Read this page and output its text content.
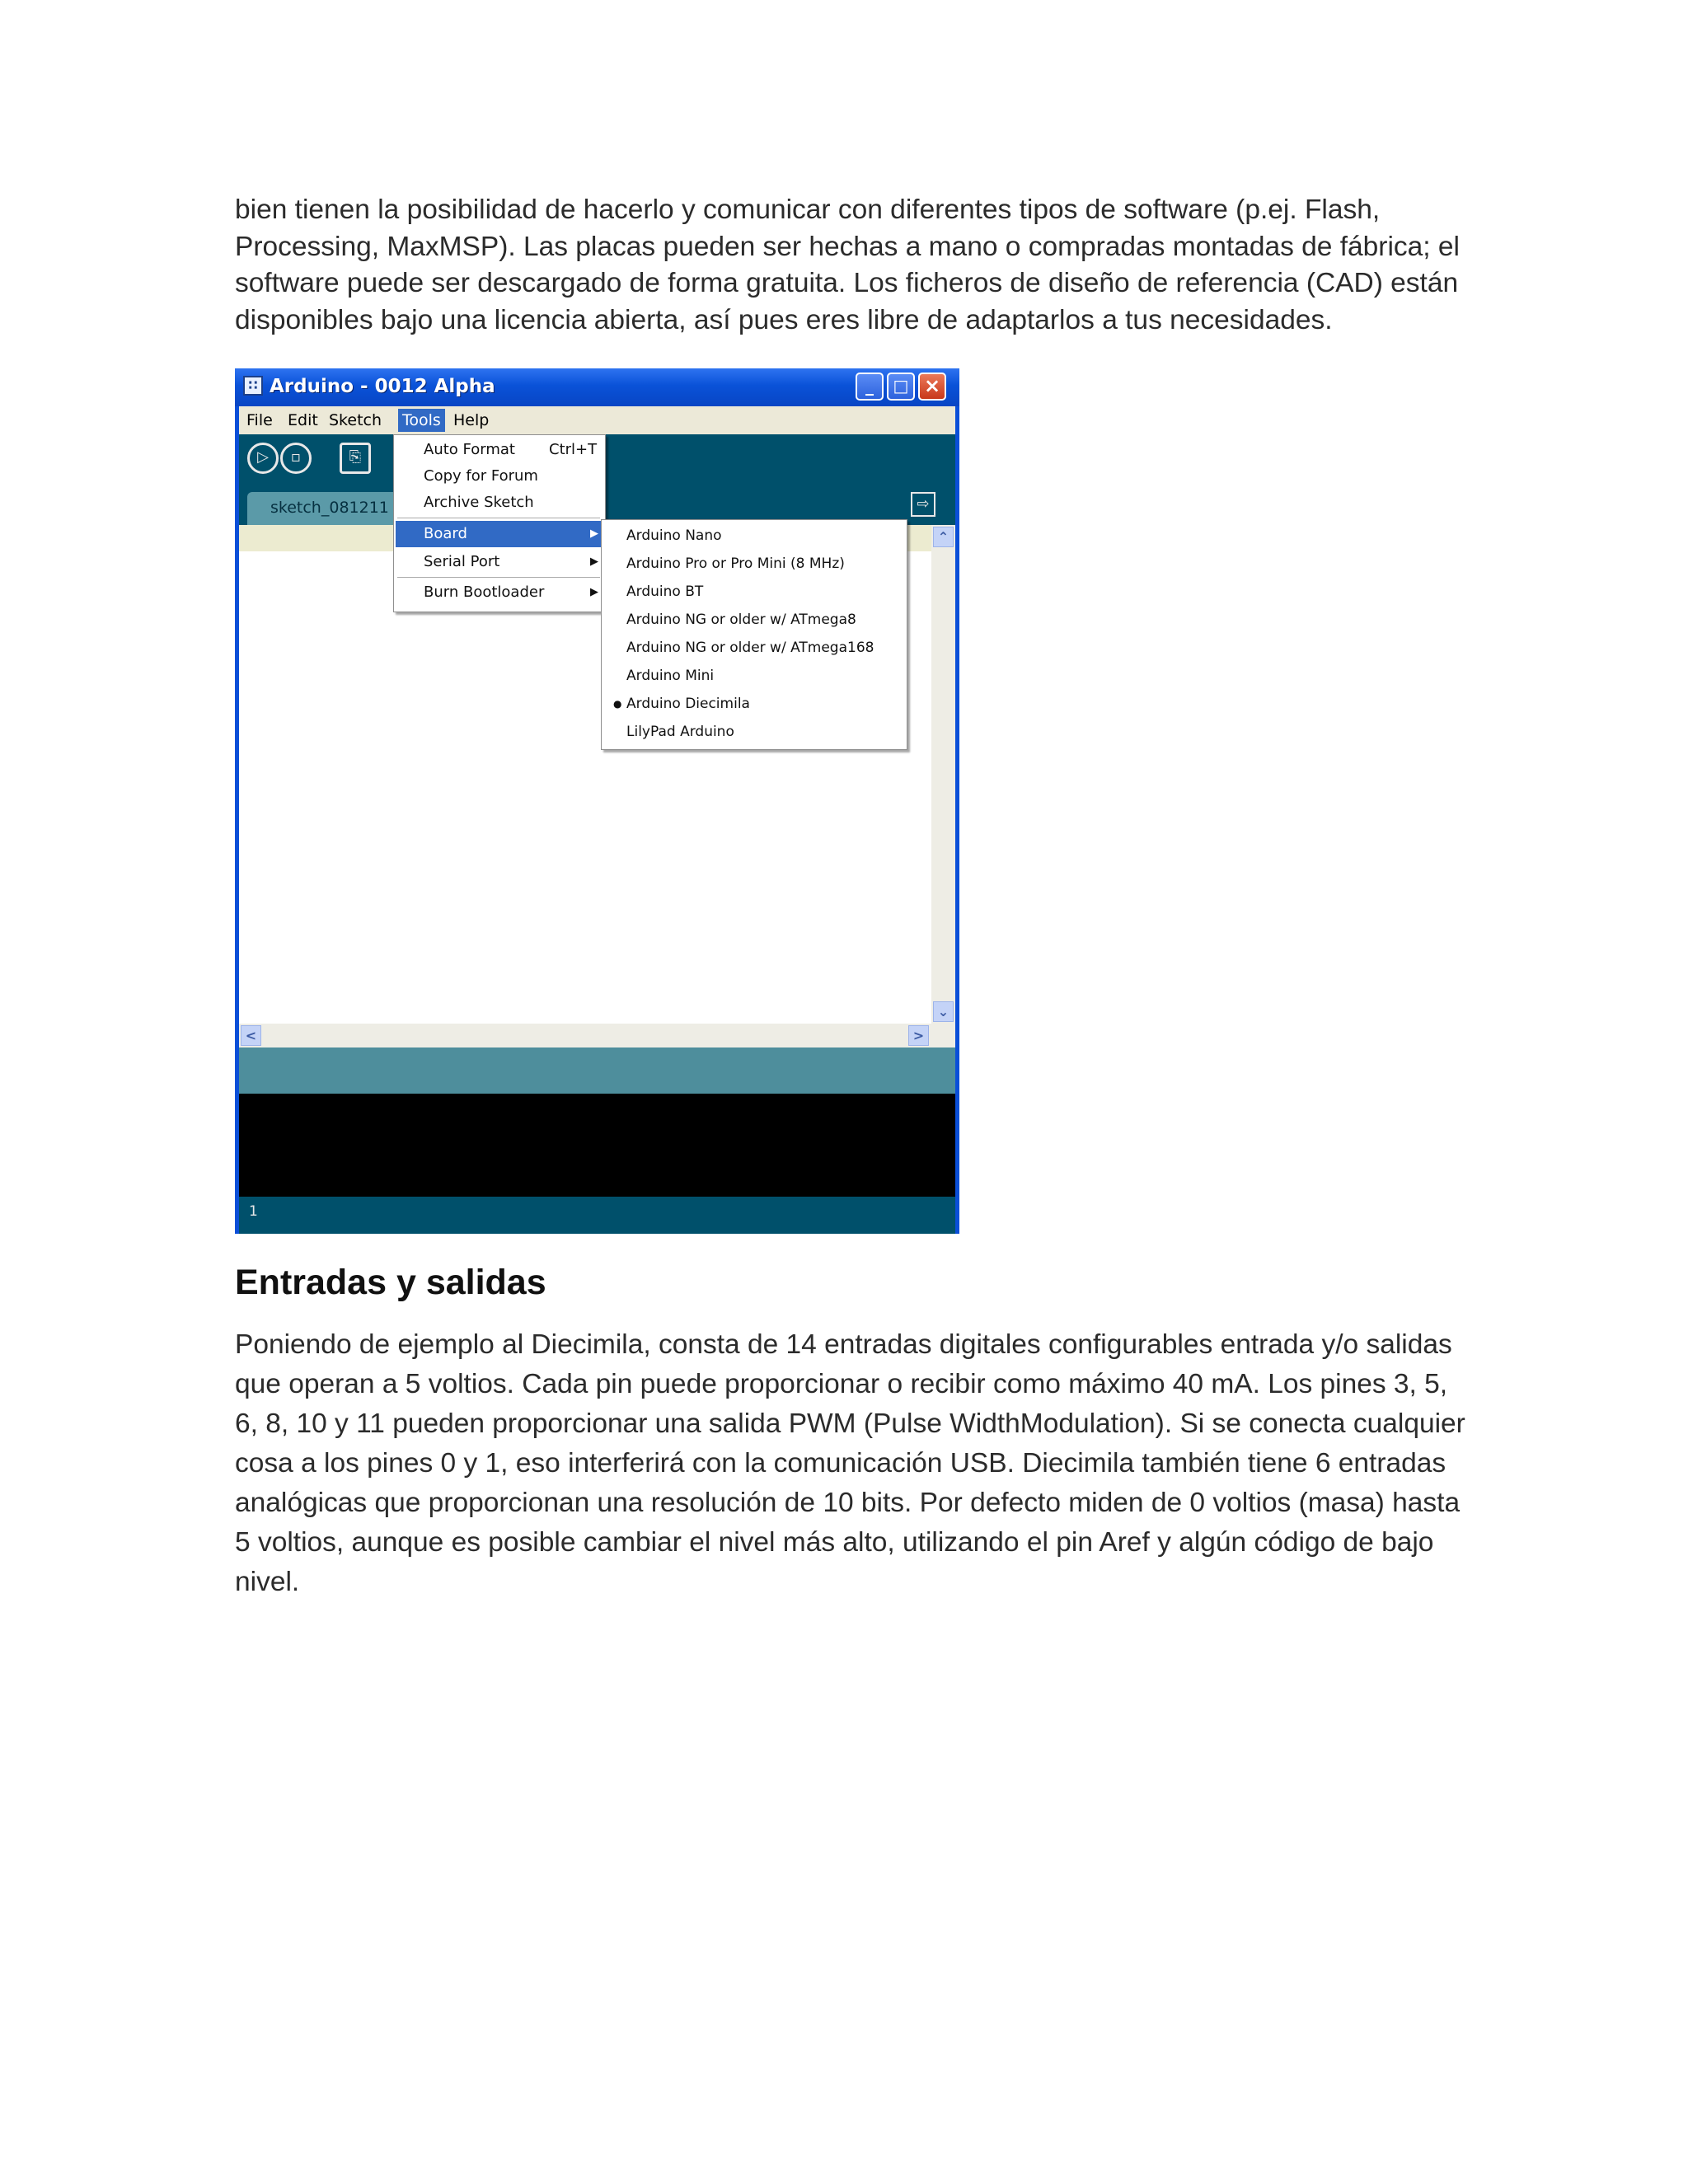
bien tienen la posibilidad de hacerlo y comunicar con diferentes tipos de software (p.ej. Flash, Processing, MaxMSP). Las placas pueden ser hechas a mano o compradas montadas de fábrica; el software puede ser descargado de forma gratuita. Los ficheros de diseño de referencia (CAD) están disponibles bajo una licencia abierta, así pues eres libre de adaptarlos a tus necesidades.

∷ Arduino - 0012 Alpha	_	□ ×
File Edit Sketch Tools Help
▷	▫	⎘
sketch_081211	⇨
⌃
⌄
<	>
1
Auto Format Ctrl+T
Copy for Forum
Archive Sketch
Board	▶
Serial Port	▶
Burn Bootloader	▶
Arduino Nano
Arduino Pro or Pro Mini (8 MHz)
Arduino BT
Arduino NG or older w/ ATmega8
Arduino NG or older w/ ATmega168
Arduino Mini
● Arduino Diecimila
LilyPad Arduino
Entradas y salidas

Poniendo de ejemplo al Diecimila, consta de 14 entradas digitales configurables entrada y/o salidas que operan a 5 voltios. Cada pin puede proporcionar o recibir como máximo 40 mA. Los pines 3, 5, 6, 8, 10 y 11 pueden proporcionar una salida PWM (Pulse WidthModulation). Si se conecta cualquier cosa a los pines 0 y 1, eso interferirá con la comunicación USB. Diecimila también tiene 6 entradas analógicas que proporcionan una resolución de 10 bits. Por defecto miden de 0 voltios (masa) hasta 5 voltios, aunque es posible cambiar el nivel más alto, utilizando el pin Aref y algún código de bajo nivel.
